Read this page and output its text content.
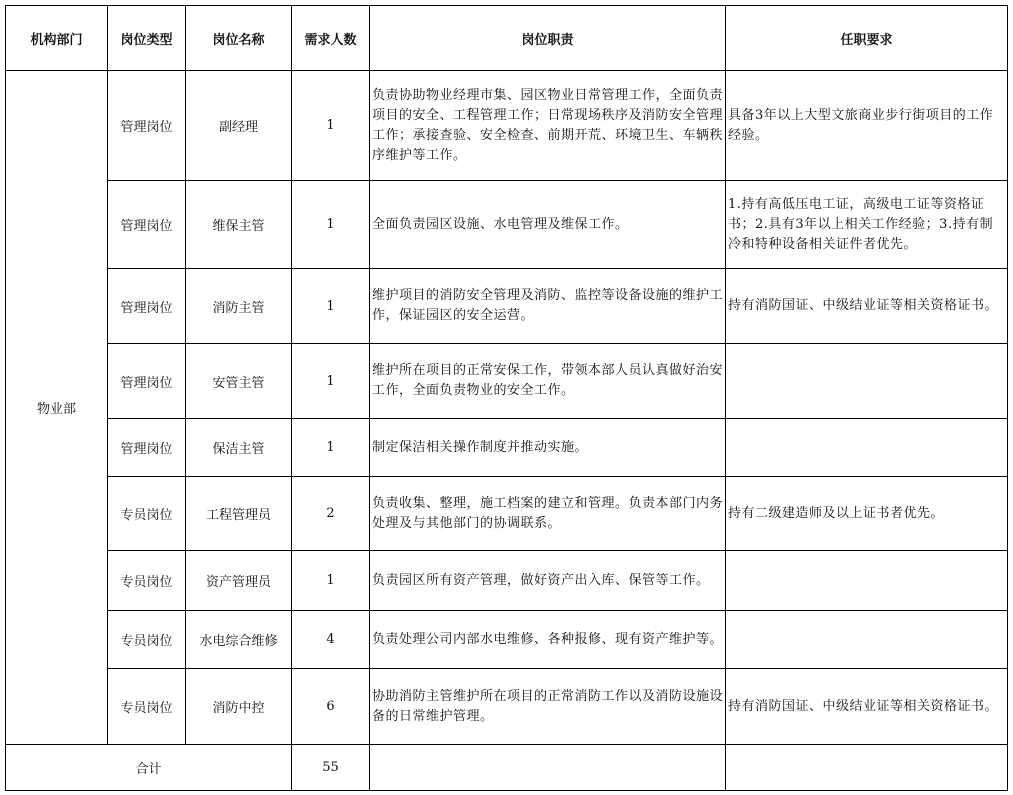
机构部门	岗位类型	岗位名称	需求人数	岗位职责	任职要求
物业部	管理岗位	副经理	1	负责协助物业经理市集、园区物业日常管理工作，全面负责项目的安全、工程管理工作；日常现场秩序及消防安全管理工作；承接查验、安全检查、前期开荒、环境卫生、车辆秩序维护等工作。	具备3年以上大型文旅商业步行街项目的工作经验。
	管理岗位	维保主管	1	全面负责园区设施、水电管理及维保工作。	1.持有高低压电工证，高级电工证等资格证书；2.具有3年以上相关工作经验；3.持有制冷和特种设备相关证件者优先。
	管理岗位	消防主管	1	维护项目的消防安全管理及消防、监控等设备设施的维护工作，保证园区的安全运营。	持有消防国证、中级结业证等相关资格证书。
	管理岗位	安管主管	1	维护所在项目的正常安保工作，带领本部人员认真做好治安工作，全面负责物业的安全工作。	
	管理岗位	保洁主管	1	制定保洁相关操作制度并推动实施。	
	专员岗位	工程管理员	2	负责收集、整理，施工档案的建立和管理。负责本部门内务处理及与其他部门的协调联系。	持有二级建造师及以上证书者优先。
	专员岗位	资产管理员	1	负责园区所有资产管理，做好资产出入库、保管等工作。	
	专员岗位	水电综合维修	4	负责处理公司内部水电维修、各种报修、现有资产维护等。	
	专员岗位	消防中控	6	协助消防主管维护所在项目的正常消防工作以及消防设施设备的日常维护管理。	持有消防国证、中级结业证等相关资格证书。
合计			55		
